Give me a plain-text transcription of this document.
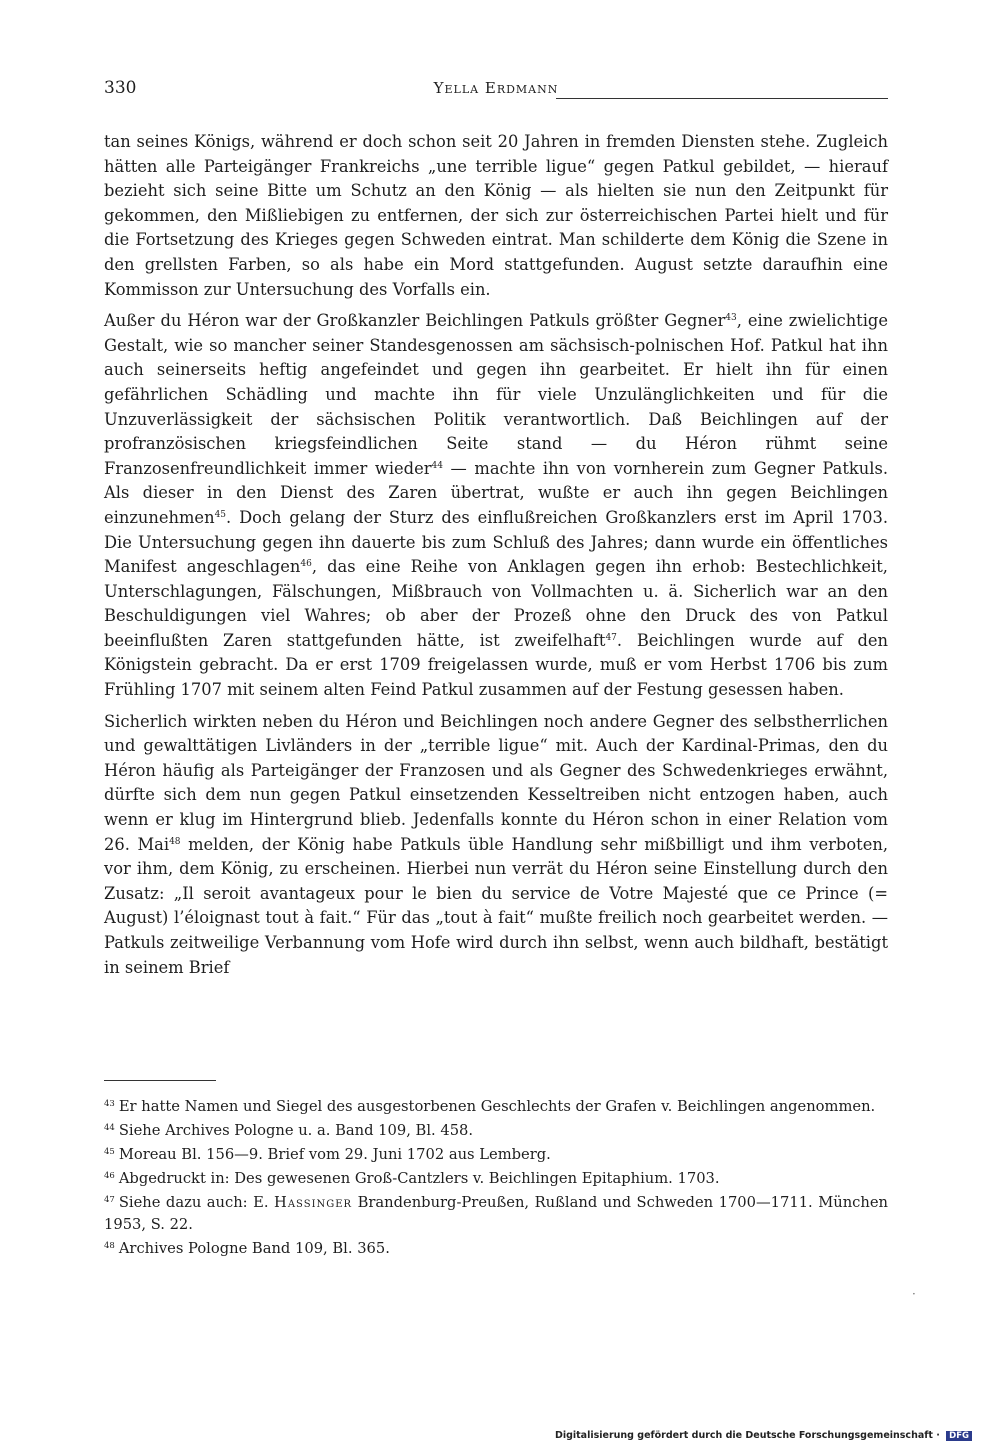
330	Yella Erdmann

tan seines Königs, während er doch schon seit 20 Jahren in fremden Diensten stehe. Zugleich hätten alle Parteigänger Frankreichs „une terrible ligue“ gegen Patkul gebildet, — hierauf bezieht sich seine Bitte um Schutz an den König — als hielten sie nun den Zeitpunkt für gekommen, den Mißliebigen zu entfernen, der sich zur österreichischen Partei hielt und für die Fortsetzung des Krieges gegen Schweden eintrat. Man schilderte dem König die Szene in den grellsten Farben, so als habe ein Mord stattgefunden. August setzte daraufhin eine Kommisson zur Untersuchung des Vorfalls ein.

Außer du Héron war der Großkanzler Beichlingen Patkuls größter Gegner$^{43}$, eine zwielichtige Gestalt, wie so mancher seiner Standesgenossen am sächsisch-polnischen Hof. Patkul hat ihn auch seinerseits heftig angefeindet und gegen ihn gearbeitet. Er hielt ihn für einen gefährlichen Schädling und machte ihn für viele Unzulänglichkeiten und für die Unzuverlässigkeit der sächsischen Politik verantwortlich. Daß Beichlingen auf der profranzösischen kriegsfeindlichen Seite stand — du Héron rühmt seine Franzosenfreundlichkeit immer wieder$^{44}$ — machte ihn von vornherein zum Gegner Patkuls. Als dieser in den Dienst des Zaren übertrat, wußte er auch ihn gegen Beichlingen einzunehmen$^{45}$. Doch gelang der Sturz des einflußreichen Großkanzlers erst im April 1703. Die Untersuchung gegen ihn dauerte bis zum Schluß des Jahres; dann wurde ein öffentliches Manifest angeschlagen$^{46}$, das eine Reihe von Anklagen gegen ihn erhob: Bestechlichkeit, Unterschlagungen, Fälschungen, Mißbrauch von Vollmachten u. ä. Sicherlich war an den Beschuldigungen viel Wahres; ob aber der Prozeß ohne den Druck des von Patkul beeinflußten Zaren stattgefunden hätte, ist zweifelhaft$^{47}$. Beichlingen wurde auf den Königstein gebracht. Da er erst 1709 freigelassen wurde, muß er vom Herbst 1706 bis zum Frühling 1707 mit seinem alten Feind Patkul zusammen auf der Festung gesessen haben.

Sicherlich wirkten neben du Héron und Beichlingen noch andere Gegner des selbstherrlichen und gewalttätigen Livländers in der „terrible ligue“ mit. Auch der Kardinal-Primas, den du Héron häufig als Parteigänger der Franzosen und als Gegner des Schwedenkrieges erwähnt, dürfte sich dem nun gegen Patkul einsetzenden Kesseltreiben nicht entzogen haben, auch wenn er klug im Hintergrund blieb. Jedenfalls konnte du Héron schon in einer Relation vom 26. Mai$^{48}$ melden, der König habe Patkuls üble Handlung sehr mißbilligt und ihm verboten, vor ihm, dem König, zu erscheinen. Hierbei nun verrät du Héron seine Einstellung durch den Zusatz: „Il seroit avantageux pour le bien du service de Votre Majesté que ce Prince (= August) l’éloignast tout à fait.“ Für das „tout à fait“ mußte freilich noch gearbeitet werden. — Patkuls zeitweilige Verbannung vom Hofe wird durch ihn selbst, wenn auch bildhaft, bestätigt in seinem Brief

$^{43}$ Er hatte Namen und Siegel des ausgestorbenen Geschlechts der Grafen v. Beichlingen angenommen.

$^{44}$ Siehe Archives Pologne u. a. Band 109, Bl. 458.

$^{45}$ Moreau Bl. 156—9. Brief vom 29. Juni 1702 aus Lemberg.

$^{46}$ Abgedruckt in: Des gewesenen Groß-Cantzlers v. Beichlingen Epitaphium. 1703.

$^{47}$ Siehe dazu auch: E. Hassinger Brandenburg-Preußen, Rußland und Schweden 1700—1711. München 1953, S. 22.

$^{48}$ Archives Pologne Band 109, Bl. 365.

·
Digitalisierung gefördert durch die Deutsche Forschungsgemeinschaft · DFG
